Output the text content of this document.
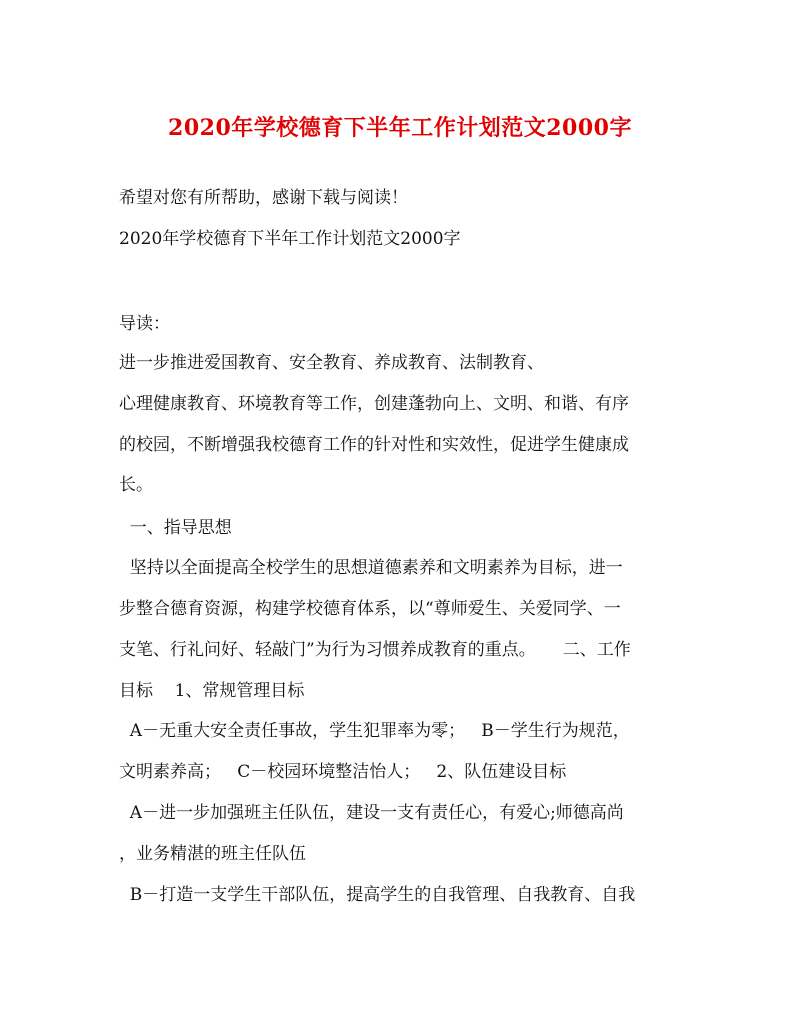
2020年学校德育下半年工作计划范文2000字
希望对您有所帮助，感谢下载与阅读！
2020年学校德育下半年工作计划范文2000字
导读：
进一步推进爱国教育、安全教育、养成教育、法制教育、
心理健康教育、环境教育等工作，创建蓬勃向上、文明、和谐、有序
的校园，不断增强我校德育工作的针对性和实效性，促进学生健康成
长。
一、指导思想
坚持以全面提高全校学生的思想道德素养和文明素养为目标，进一
步整合德育资源，构建学校德育体系，以“尊师爱生、关爱同学、一
支笔、行礼问好、轻敲门”为行为习惯养成教育的重点。     二、工作
目标    1、常规管理目标
A－无重大安全责任事故，学生犯罪率为零；   B－学生行为规范，
文明素养高；   C－校园环境整洁怡人；   2、队伍建设目标
A－进一步加强班主任队伍，建设一支有责任心，有爱心;师德高尚
，业务精湛的班主任队伍
B－打造一支学生干部队伍，提高学生的自我管理、自我教育、自我
